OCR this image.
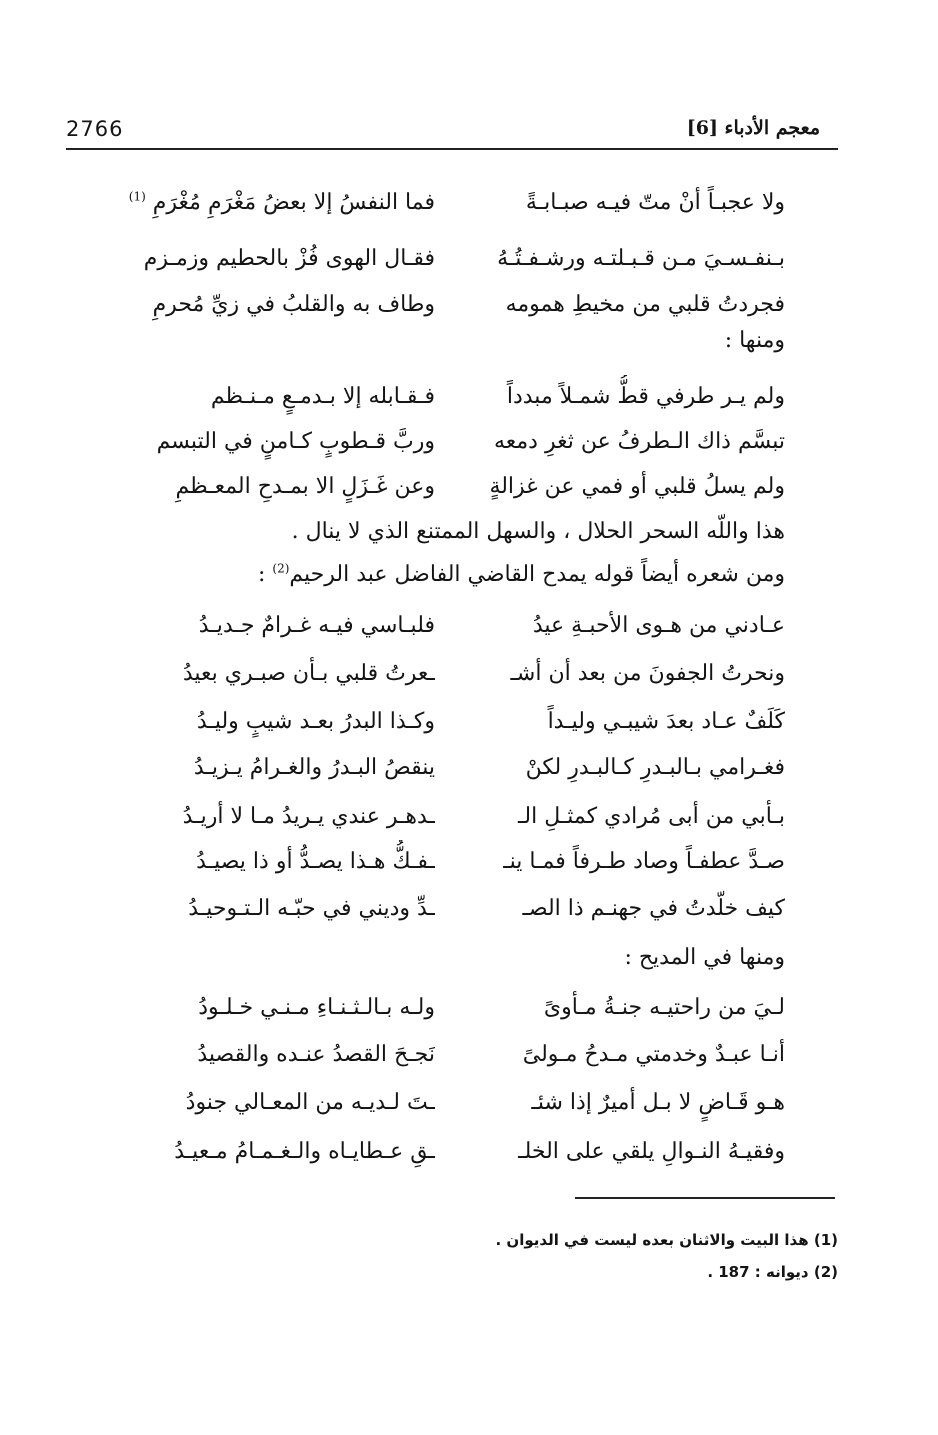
معجم الأدباء [6]
2766
ولا عجبـاً أنْ متّ فيـه صبـابـةً
فما النفسُ إلا بعضُ مَغْرَمِ مُغْرَمِ $^{(1)}$
بـنفـسـيَ مـن قـبـلتـه ورشـفـتُـهُ
فقـال الهوى فُزْ بالحطيم وزمـزم
فجردتُ قلبي من مخيطِ همومه
وطاف به والقلبُ في زيِّ مُحرمِ
ومنها :
ولم يـر طرفي قطُّ شمـلاً مبدداً
فـقـابله إلا بـدمـعٍ مـنـظم
تبسَّم ذاك الـطرفُ عن ثغرِ دمعه
وربَّ قـطوبٍ كـامنٍ في التبسم
ولم يسلُ قلبي أو فمي عن غزالةٍ
وعن غَـزَلٍ الا بمـدحِ المعـظمِ
هذا واللّه السحر الحلال ، والسهل الممتنع الذي لا ينال .
ومن شعره أيضاً قوله يمدح القاضي الفاضل عبد الرحيم$^{(2)}$ :
عـادني من هـوى الأحبـةِ عيدُ
فلبـاسي فيـه غـرامٌ جـديـدُ
ونحرتُ الجفونَ من بعد أن أشـ
ـعرتُ قلبي بـأن صبـري بعيدُ
كَلَفٌ عـاد بعدَ شيبـي وليـداً
وكـذا البدرُ بعـد شيبٍ وليـدُ
فغـرامي بـالبـدرِ كـالبـدرِ لكنْ
ينقصُ البـدرُ والغـرامُ يـزيـدُ
بـأبي من أبى مُرادي كمثـلِ الـ
ـدهـر عندي يـريدُ مـا لا أريـدُ
صـدَّ عطفـاً وصاد طـرفاً فمـا ينـ
ـفـكُّ هـذا يصـدُّ أو ذا يصيـدُ
كيف خلّدتُ في جهنـم ذا الصـ
ـدِّ وديني في حبّـه الـتـوحيـدُ
ومنها في المديح :
لـيَ من راحتيـه جنـةُ مـأوىً
ولـه بـالـثـنـاءِ مـنـي خـلـودُ
أنـا عبـدٌ وخدمتي مـدحُ مـولىً
نَجـحَ القصدُ عنـده والقصيدُ
هـو قَـاضٍ لا بـل أميرٌ إذا شئـ
ـتَ لـديـه من المعـالي جنودُ
وفقيـهُ النـوالِ يلقي على الخلـ
ـقِ عـطايـاه والـغـمـامُ مـعيـدُ
(1) هذا البيت والاثنان بعده ليست في الديوان .
(2) ديوانه : 187 .
